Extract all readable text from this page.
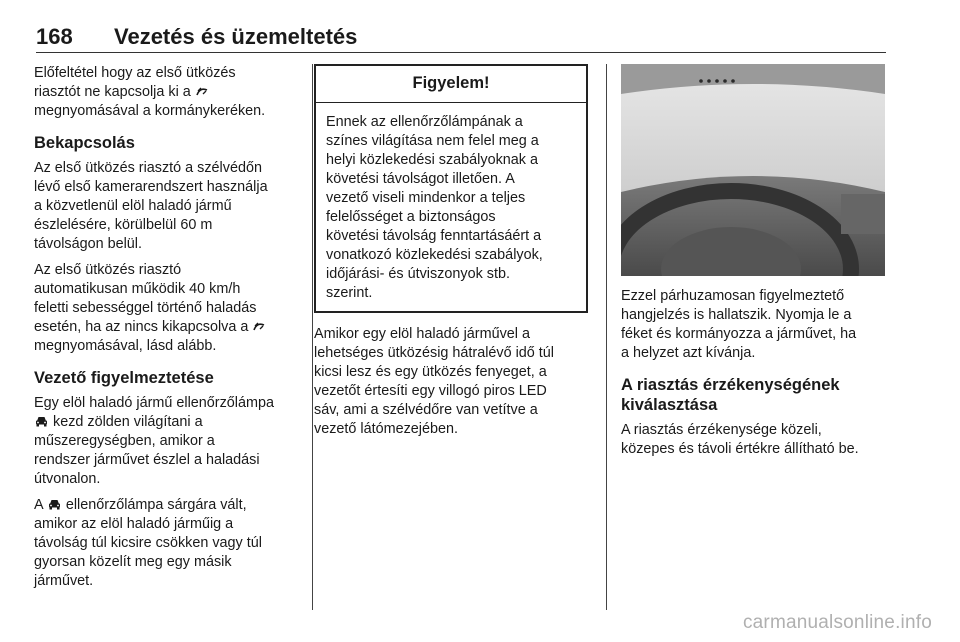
168 Vezetés és üzemeltetés

Előfeltétel hogy az első ütközés
riasztót ne kapcsolja ki a
megnyomásával a kormánykeréken.

Bekapcsolás

Az első ütközés riasztó a szélvédőn
lévő első kamerarendszert használja
a közvetlenül elöl haladó jármű
észlelésére, körülbelül 60 m
távolságon belül.

Az első ütközés riasztó
automatikusan működik 40 km/h
feletti sebességgel történő haladás
esetén, ha az nincs kikapcsolva a
megnyomásával, lásd alább.

Vezető figyelmeztetése

Egy elöl haladó jármű ellenőrzőlámpa
kezd zölden világítani a
műszeregységben, amikor a
rendszer járművet észlel a haladási
útvonalon.

A ellenőrzőlámpa sárgára vált,
amikor az elöl haladó járműig a
távolság túl kicsire csökken vagy túl
gyorsan közelít meg egy másik
járművet.

Figyelem!
Ennek az ellenőrzőlámpának a
színes világítása nem felel meg a
helyi közlekedési szabályoknak a
követési távolságot illetően. A
vezető viseli mindenkor a teljes
felelősséget a biztonságos
követési távolság fenntartásáért a
vonatkozó közlekedési szabályok,
időjárási- és útviszonyok stb.
szerint.

Amikor egy elöl haladó járművel a
lehetséges ütközésig hátralévő idő túl
kicsi lesz és egy ütközés fenyeget, a
vezetőt értesíti egy villogó piros LED
sáv, ami a szélvédőre van vetítve a
vezető látómezejében.

Ezzel párhuzamosan figyelmeztető
hangjelzés is hallatszik. Nyomja le a
féket és kormányozza a járművet, ha
a helyzet azt kívánja.

A riasztás érzékenységének
kiválasztása

A riasztás érzékenysége közeli,
közepes és távoli értékre állítható be.

carmanualsonline.info
